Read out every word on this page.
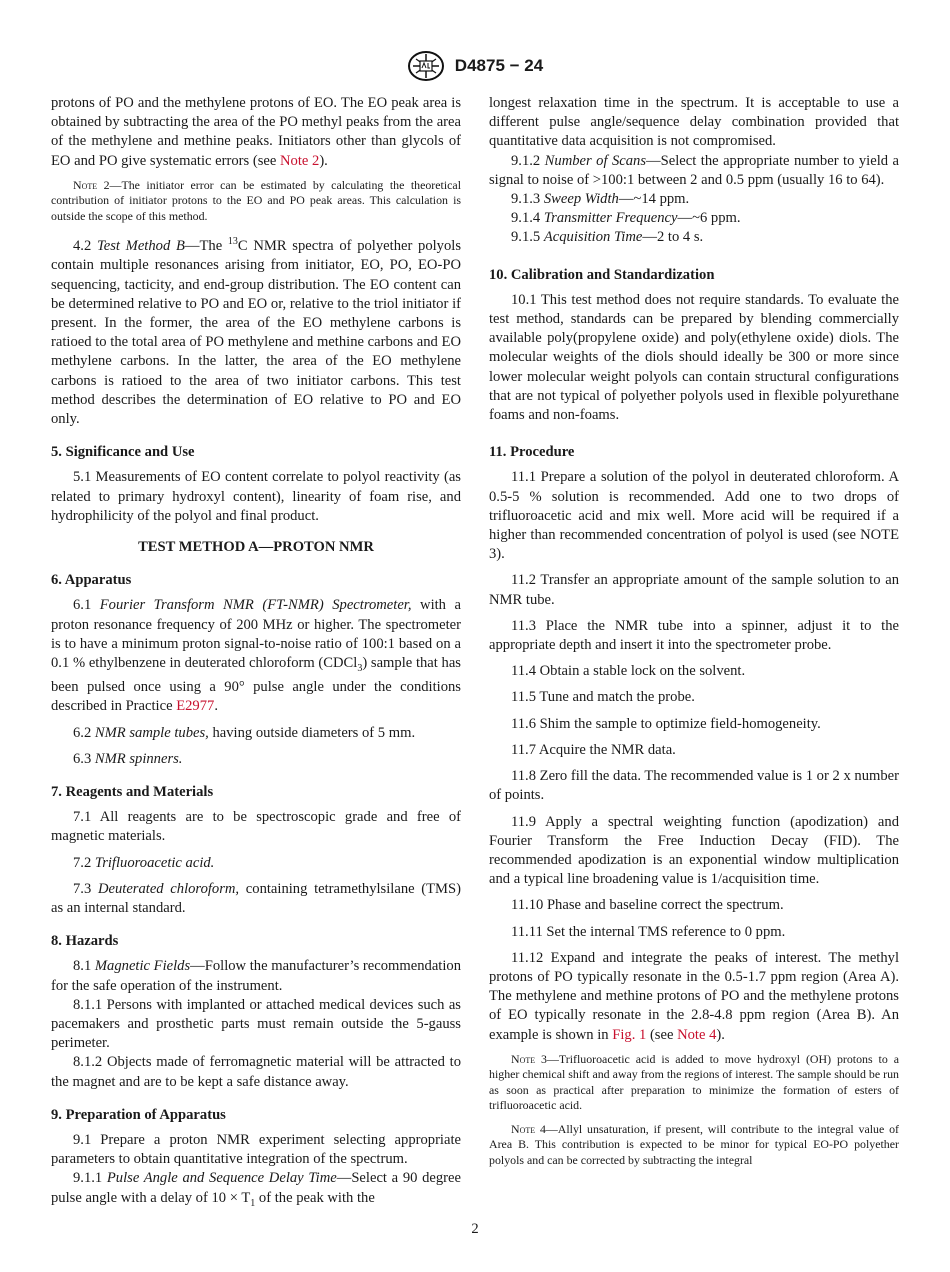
D4875 − 24

protons of PO and the methylene protons of EO. The EO peak area is obtained by subtracting the area of the PO methyl peaks from the area of the methylene and methine peaks. Initiators other than glycols of EO and PO give systematic errors (see Note 2).

Note 2—The initiator error can be estimated by calculating the theoretical contribution of initiator protons to the EO and PO peak areas. This calculation is outside the scope of this method.

4.2 Test Method B—The $^{13}$C NMR spectra of polyether polyols contain multiple resonances arising from initiator, EO, PO, EO-PO sequencing, tacticity, and end-group distribution. The EO content can be determined relative to PO and EO or, relative to the triol initiator if present. In the former, the area of the EO methylene carbons is ratioed to the total area of PO methylene and methine carbons and EO methylene carbons. In the latter, the area of the EO methylene carbons is ratioed to the area of two initiator carbons. This test method describes the determination of EO relative to PO and EO only.

5. Significance and Use

5.1 Measurements of EO content correlate to polyol reactivity (as related to primary hydroxyl content), linearity of foam rise, and hydrophilicity of the polyol and final product.

TEST METHOD A—PROTON NMR
6. Apparatus

6.1 Fourier Transform NMR (FT-NMR) Spectrometer, with a proton resonance frequency of 200 MHz or higher. The spectrometer is to have a minimum proton signal-to-noise ratio of 100:1 based on a 0.1 % ethylbenzene in deuterated chloroform (CDCl$_3$) sample that has been pulsed once using a 90° pulse angle under the conditions described in Practice E2977.

6.2 NMR sample tubes, having outside diameters of 5 mm.

6.3 NMR spinners.

7. Reagents and Materials

7.1 All reagents are to be spectroscopic grade and free of magnetic materials.

7.2 Trifluoroacetic acid.

7.3 Deuterated chloroform, containing tetramethylsilane (TMS) as an internal standard.

8. Hazards

8.1 Magnetic Fields—Follow the manufacturer’s recommendation for the safe operation of the instrument.

8.1.1 Persons with implanted or attached medical devices such as pacemakers and prosthetic parts must remain outside the 5-gauss perimeter.

8.1.2 Objects made of ferromagnetic material will be attracted to the magnet and are to be kept a safe distance away.

9. Preparation of Apparatus

9.1 Prepare a proton NMR experiment selecting appropriate parameters to obtain quantitative integration of the spectrum.

9.1.1 Pulse Angle and Sequence Delay Time—Select a 90 degree pulse angle with a delay of $10 \times T_1$ of the peak with the

longest relaxation time in the spectrum. It is acceptable to use a different pulse angle/sequence delay combination provided that quantitative data acquisition is not compromised.

9.1.2 Number of Scans—Select the appropriate number to yield a signal to noise of >100:1 between 2 and 0.5 ppm (usually 16 to 64).

9.1.3 Sweep Width—~14 ppm.

9.1.4 Transmitter Frequency—~6 ppm.

9.1.5 Acquisition Time—2 to 4 s.

10. Calibration and Standardization

10.1 This test method does not require standards. To evaluate the test method, standards can be prepared by blending commercially available poly(propylene oxide) and poly(ethylene oxide) diols. The molecular weights of the diols should ideally be 300 or more since lower molecular weight polyols can contain structural configurations that are not typical of polyether polyols used in flexible polyurethane foams and non-foams.

11. Procedure

11.1 Prepare a solution of the polyol in deuterated chloroform. A 0.5-5 % solution is recommended. Add one to two drops of trifluoroacetic acid and mix well. More acid will be required if a higher than recommended concentration of polyol is used (see NOTE 3).

11.2 Transfer an appropriate amount of the sample solution to an NMR tube.

11.3 Place the NMR tube into a spinner, adjust it to the appropriate depth and insert it into the spectrometer probe.

11.4 Obtain a stable lock on the solvent.

11.5 Tune and match the probe.

11.6 Shim the sample to optimize field-homogeneity.

11.7 Acquire the NMR data.

11.8 Zero fill the data. The recommended value is 1 or 2 x number of points.

11.9 Apply a spectral weighting function (apodization) and Fourier Transform the Free Induction Decay (FID). The recommended apodization is an exponential window multiplication and a typical line broadening value is 1/acquisition time.

11.10 Phase and baseline correct the spectrum.

11.11 Set the internal TMS reference to 0 ppm.

11.12 Expand and integrate the peaks of interest. The methyl protons of PO typically resonate in the 0.5-1.7 ppm region (Area A). The methylene and methine protons of PO and the methylene protons of EO typically resonate in the 2.8-4.8 ppm region (Area B). An example is shown in Fig. 1 (see Note 4).

Note 3—Trifluoroacetic acid is added to move hydroxyl (OH) protons to a higher chemical shift and away from the regions of interest. The sample should be run as soon as practical after preparation to minimize the formation of esters of trifluoroacetic acid.

Note 4—Allyl unsaturation, if present, will contribute to the integral value of Area B. This contribution is expected to be minor for typical EO-PO polyether polyols and can be corrected by subtracting the integral

2
